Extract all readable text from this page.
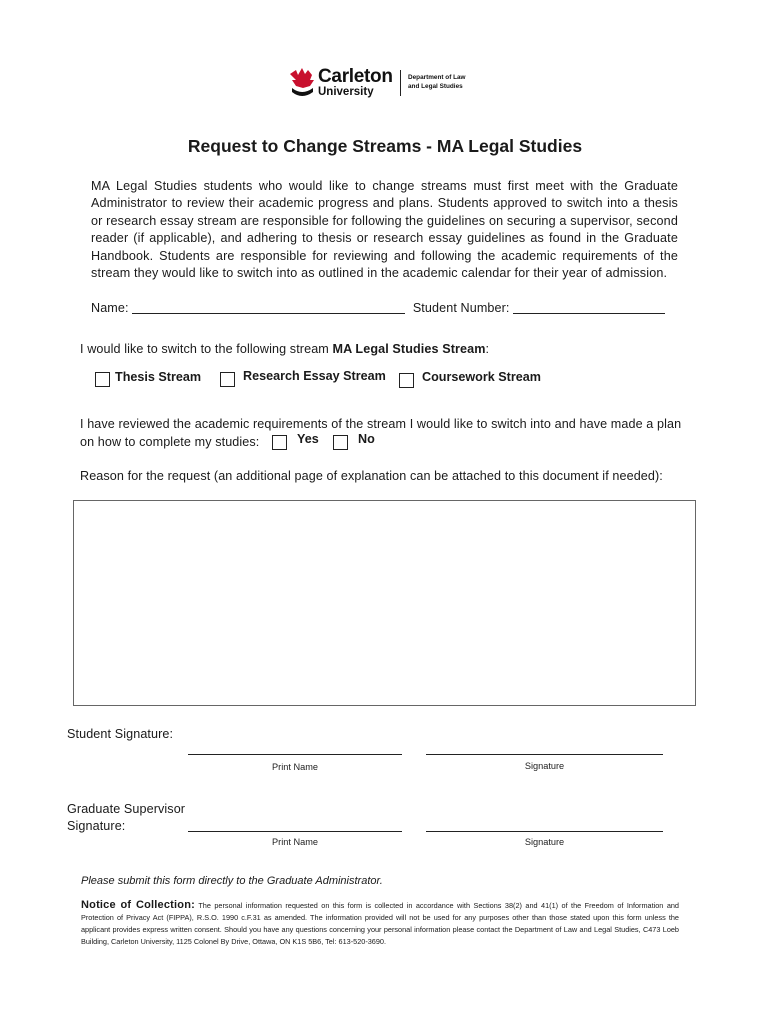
Carleton
University
Department of Law
and Legal Studies
Request to Change Streams - MA Legal Studies
MA Legal Studies students who would like to change streams must first meet with the Graduate Administrator to review their academic progress and plans. Students approved to switch into a thesis or research essay stream are responsible for following the guidelines on securing a supervisor, second reader (if applicable), and adhering to thesis or research essay guidelines as found in the Graduate Handbook. Students are responsible for reviewing and following the academic requirements of the stream they would like to switch into as outlined in the academic calendar for their year of admission.
Name:	Student Number:
I would like to switch to the following stream MA Legal Studies Stream:
Thesis Stream	Research Essay Stream	Coursework Stream
I have reviewed the academic requirements of the stream I would like to switch into and have made a plan
on how to complete my studies:	Yes	No
Reason for the request (an additional page of explanation can be attached to this document if needed):
Student Signature:
Print Name	Signature
Graduate Supervisor
Signature:
Print Name	Signature
Please submit this form directly to the Graduate Administrator.
Notice of Collection: The personal information requested on this form is collected in accordance with Sections 38(2) and 41(1) of the Freedom of Information and Protection of Privacy Act (FIPPA), R.S.O. 1990 c.F.31 as amended. The information provided will not be used for any purposes other than those stated upon this form unless the applicant provides express written consent. Should you have any questions concerning your personal information please contact the Department of Law and Legal Studies, C473 Loeb Building, Carleton University, 1125 Colonel By Drive, Ottawa, ON K1S 5B6, Tel: 613-520-3690.
